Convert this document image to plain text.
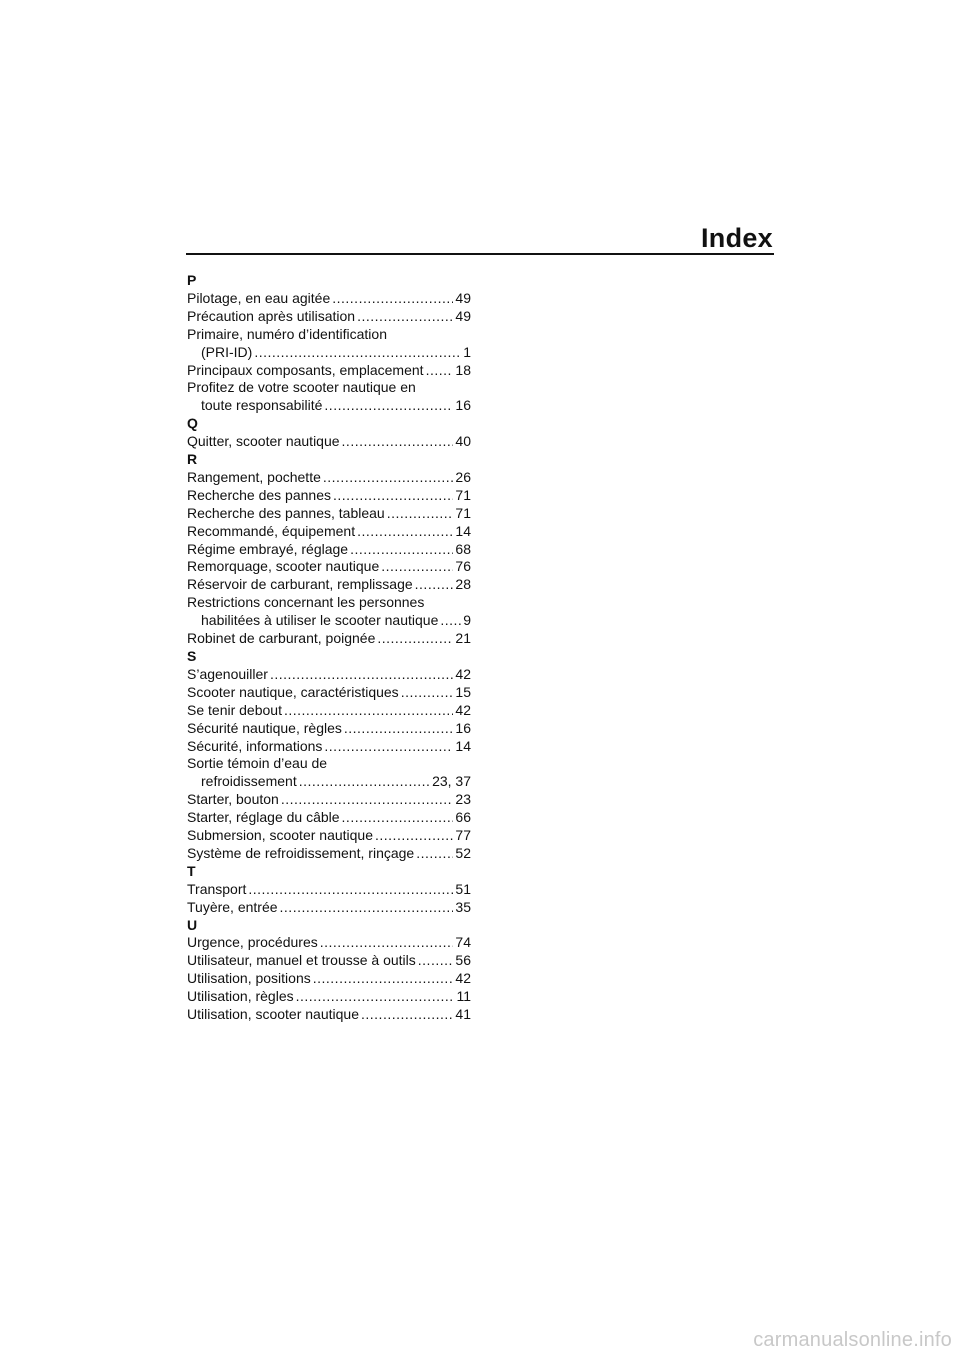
Index
P
Pilotage, en eau agitée .....	49
Précaution après utilisation .....	49
Primaire, numéro d’identification
(PRI-ID) .....	1
Principaux composants, emplacement ..... 18
Profitez de votre scooter nautique en
toute responsabilité .....	16
Q
Quitter, scooter nautique .....	40
R
Rangement, pochette .....	26
Recherche des pannes .....	71
Recherche des pannes, tableau .....	71
Recommandé, équipement .....	14
Régime embrayé, réglage .....	68
Remorquage, scooter nautique .....	76
Réservoir de carburant, remplissage .....	28
Restrictions concernant les personnes
habilitées à utiliser le scooter nautique ..... 9
Robinet de carburant, poignée .....	21
S
S’agenouiller .....	42
Scooter nautique, caractéristiques .....	15
Se tenir debout .....	42
Sécurité nautique, règles .....	16
Sécurité, informations .....	14
Sortie témoin d’eau de
refroidissement .....	23, 37
Starter, bouton .....	23
Starter, réglage du câble .....	66
Submersion, scooter nautique .....	77
Système de refroidissement, rinçage .....	52
T
Transport .....	51
Tuyère, entrée .....	35
U
Urgence, procédures .....	74
Utilisateur, manuel et trousse à outils .....	56
Utilisation, positions .....	42
Utilisation, règles .....	11
Utilisation, scooter nautique .....	41
carmanualsonline.info
